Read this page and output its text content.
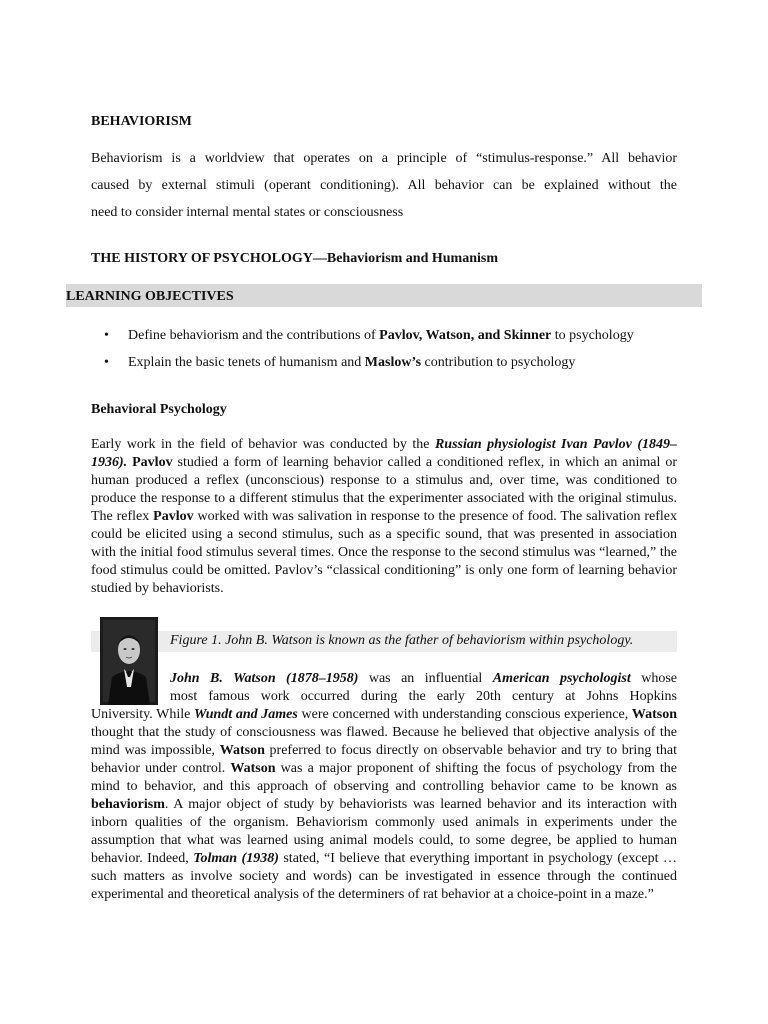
BEHAVIORISM
Behaviorism is a worldview that operates on a principle of “stimulus-response.” All behavior
caused by external stimuli (operant conditioning). All behavior can be explained without the
need to consider internal mental states or consciousness
THE HISTORY OF PSYCHOLOGY—Behaviorism and Humanism
LEARNING OBJECTIVES
• Define behaviorism and the contributions of Pavlov, Watson, and Skinner to psychology
• Explain the basic tenets of humanism and Maslow’s contribution to psychology
Behavioral Psychology
Early work in the field of behavior was conducted by the Russian physiologist Ivan Pavlov (1849–1936). Pavlov studied a form of learning behavior called a conditioned reflex, in which an animal or human produced a reflex (unconscious) response to a stimulus and, over time, was conditioned to produce the response to a different stimulus that the experimenter associated with the original stimulus. The reflex Pavlov worked with was salivation in response to the presence of food. The salivation reflex could be elicited using a second stimulus, such as a specific sound, that was presented in association with the initial food stimulus several times. Once the response to the second stimulus was “learned,” the food stimulus could be omitted. Pavlov’s “classical conditioning” is only one form of learning behavior studied by behaviorists.
Figure 1. John B. Watson is known as the father of behaviorism within psychology.
John B. Watson (1878–1958) was an influential American psychologist whose
most famous work occurred during the early 20th century at Johns Hopkins
University. While Wundt and James were concerned with understanding conscious experience, Watson thought that the study of consciousness was flawed. Because he believed that objective analysis of the mind was impossible, Watson preferred to focus directly on observable behavior and try to bring that behavior under control. Watson was a major proponent of shifting the focus of psychology from the mind to behavior, and this approach of observing and controlling behavior came to be known as behaviorism. A major object of study by behaviorists was learned behavior and its interaction with inborn qualities of the organism. Behaviorism commonly used animals in experiments under the assumption that what was learned using animal models could, to some degree, be applied to human behavior. Indeed, Tolman (1938) stated, “I believe that everything important in psychology (except … such matters as involve society and words) can be investigated in essence through the continued experimental and theoretical analysis of the determiners of rat behavior at a choice-point in a maze.”
